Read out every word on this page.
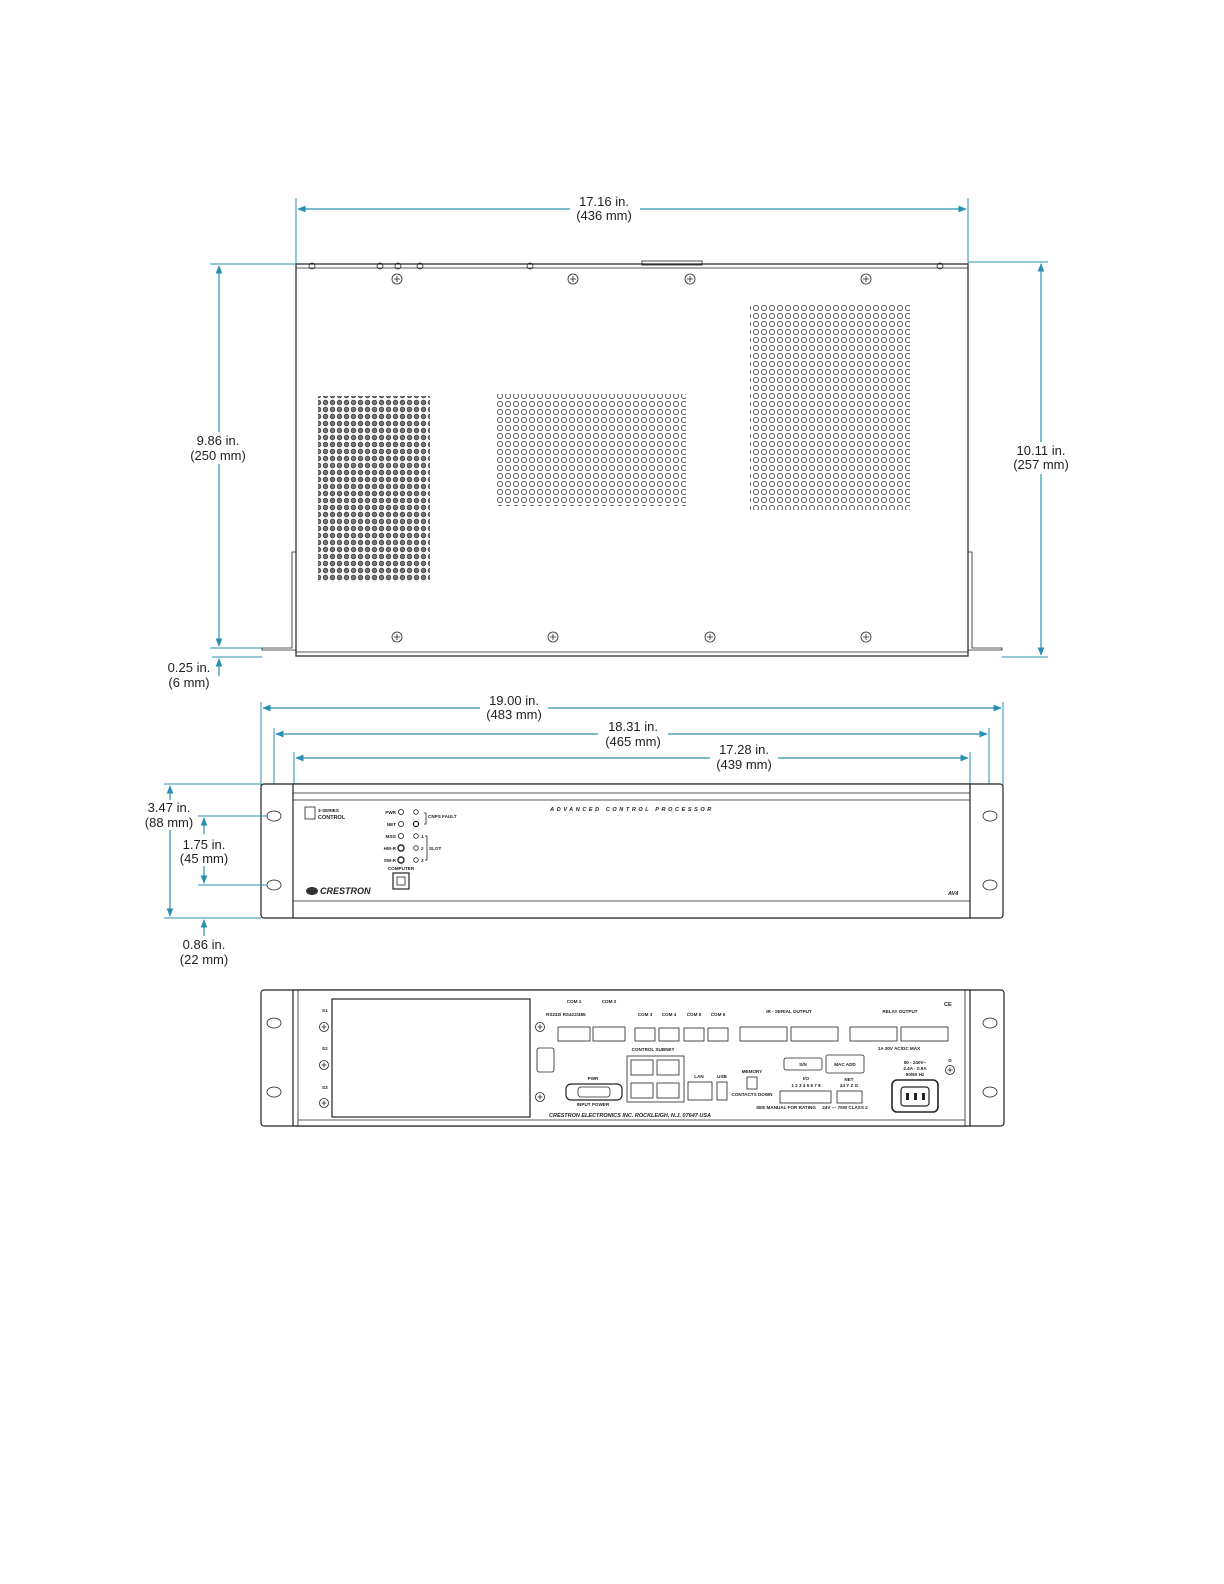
17.16 in.
(436 mm)
9.86 in.
(250 mm)	10.11 in.
(257 mm)
0.25 in.
(6 mm)
19.00 in.
(483 mm)
18.31 in.
(465 mm)
17.28 in.
(439 mm)
ADVANCED CONTROL PROCESSOR
3-SERIES
CONTROL
PWR
NET
MSG
HW-R
SW-R
CNPS FAULT
1
2
3
SLOT
COMPUTER
CRESTRON	AV4
3.47 in.
(88 mm)
1.75 in.
(45 mm)
0.86 in.
(22 mm)
S1
S2
S3
COM 1	COM 2
RS232/ RS422/485	COM 3 COM 4 COM 5 COM 6
IR - SERIAL OUTPUT	RELAY OUTPUT
1A 30V AC/DC MAX
CE
CONTROL SUBNET
LAN	USB
MEMORY
S/N	MAC ADD
CONTACTS DOWN
I/O
1 2 3 4 5 6 7 8
SEE MANUAL FOR RATING
NET
24 Y Z G
24V --- 75W CLASS 2
50 - 240V~
2.4A - 0.9A
50/60 Hz
G
PWR
INPUT POWER
CRESTRON ELECTRONICS INC. ROCKLEIGH, N.J. 07647 USA
